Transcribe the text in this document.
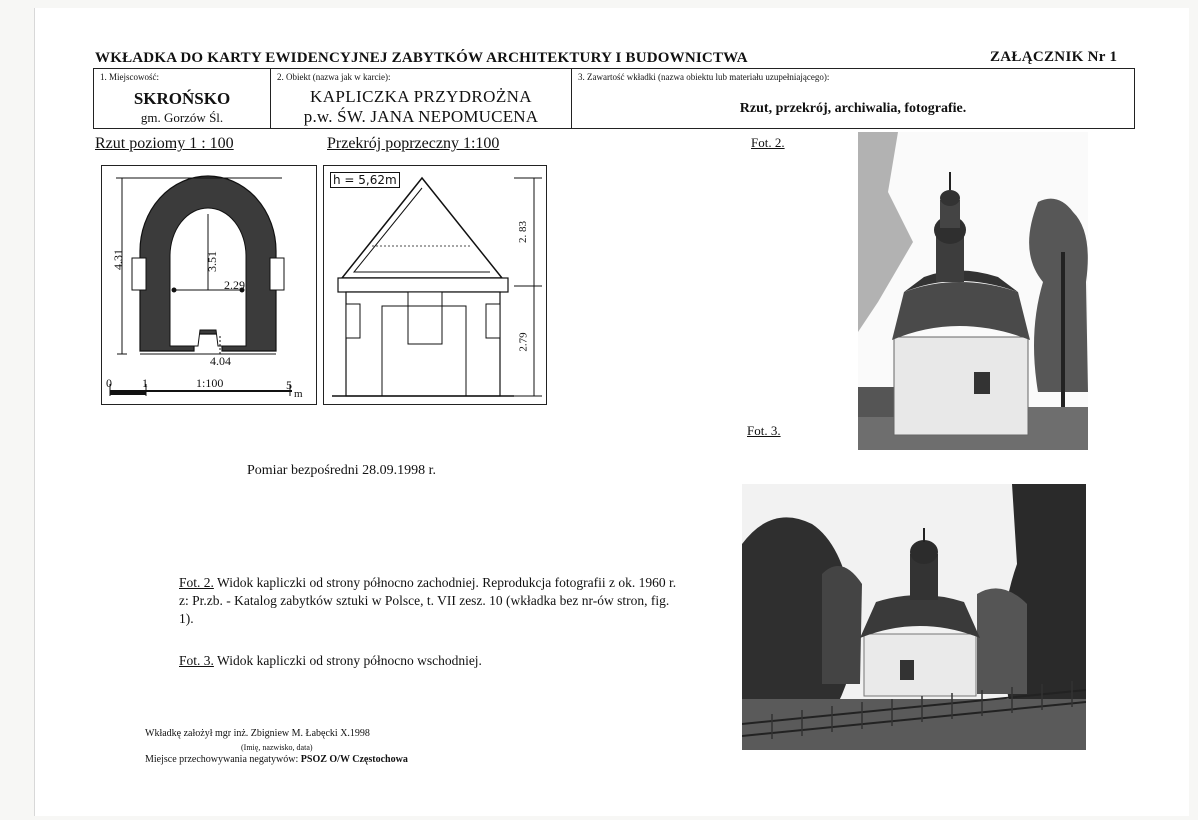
WKŁADKA DO KARTY EWIDENCYJNEJ ZABYTKÓW ARCHITEKTURY I BUDOWNICTWA	ZAŁĄCZNIK Nr 1
1. Miejscowość:
SKROŃSKO
gm. Gorzów Śl.
2. Obiekt (nazwa jak w karcie):
KAPLICZKA PRZYDROŻNA
p.w. ŚW. JANA NEPOMUCENA
3. Zawartość wkładki (nazwa obiektu lub materiału uzupełniającego):
Rzut, przekrój, archiwalia, fotografie.
Rzut poziomy 1 : 100	Przekrój poprzeczny 1:100	Fot. 2.
Fot. 3.
4.31	3.51
2.29
4.04
0	1	1:100	5
m
h = 5,62m
2. 83
2.79
Pomiar bezpośredni 28.09.1998 r.
Fot. 2. Widok kapliczki od strony północno zachodniej. Reprodukcja fotografii z ok. 1960 r. z: Pr.zb. - Katalog zabytków sztuki w Polsce, t. VII zesz. 10 (wkładka bez nr-ów stron, fig. 1).
Fot. 3. Widok kapliczki od strony północno wschodniej.
Wkładkę założył mgr inż. Zbigniew M. Łabęcki X.1998
(Imię, nazwisko, data)
Miejsce przechowywania negatywów: PSOZ O/W Częstochowa
